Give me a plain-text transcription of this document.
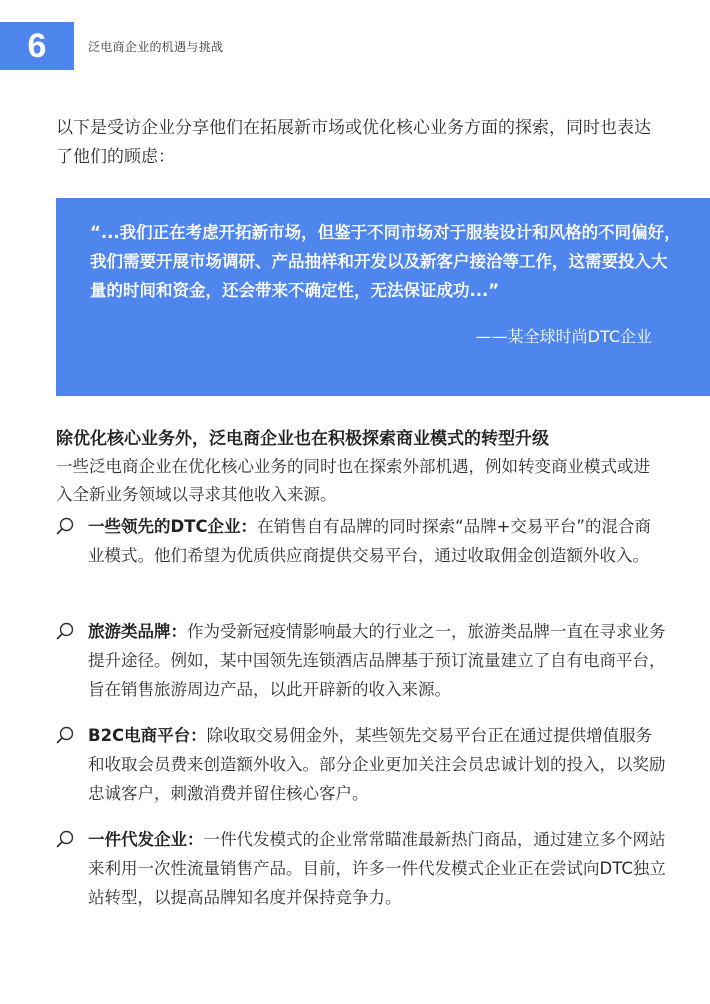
6	泛电商企业的机遇与挑战

以下是受访企业分享他们在拓展新市场或优化核心业务方面的探索，同时也表达了他们的顾虑：

“...我们正在考虑开拓新市场，但鉴于不同市场对于服装设计和风格的不同偏好，我们需要开展市场调研、产品抽样和开发以及新客户接洽等工作，这需要投入大量的时间和资金，还会带来不确定性，无法保证成功...”

——某全球时尚DTC企业

除优化核心业务外，泛电商企业也在积极探索商业模式的转型升级

一些泛电商企业在优化核心业务的同时也在探索外部机遇，例如转变商业模式或进入全新业务领域以寻求其他收入来源。

一些领先的DTC企业：在销售自有品牌的同时探索“品牌+交易平台”的混合商业模式。他们希望为优质供应商提供交易平台，通过收取佣金创造额外收入。

旅游类品牌：作为受新冠疫情影响最大的行业之一，旅游类品牌一直在寻求业务提升途径。例如，某中国领先连锁酒店品牌基于预订流量建立了自有电商平台，旨在销售旅游周边产品，以此开辟新的收入来源。

B2C电商平台：除收取交易佣金外，某些领先交易平台正在通过提供增值服务和收取会员费来创造额外收入。部分企业更加关注会员忠诚计划的投入，以奖励忠诚客户，刺激消费并留住核心客户。

一件代发企业：一件代发模式的企业常常瞄准最新热门商品，通过建立多个网站来利用一次性流量销售产品。目前，许多一件代发模式企业正在尝试向DTC独立站转型，以提高品牌知名度并保持竞争力。
